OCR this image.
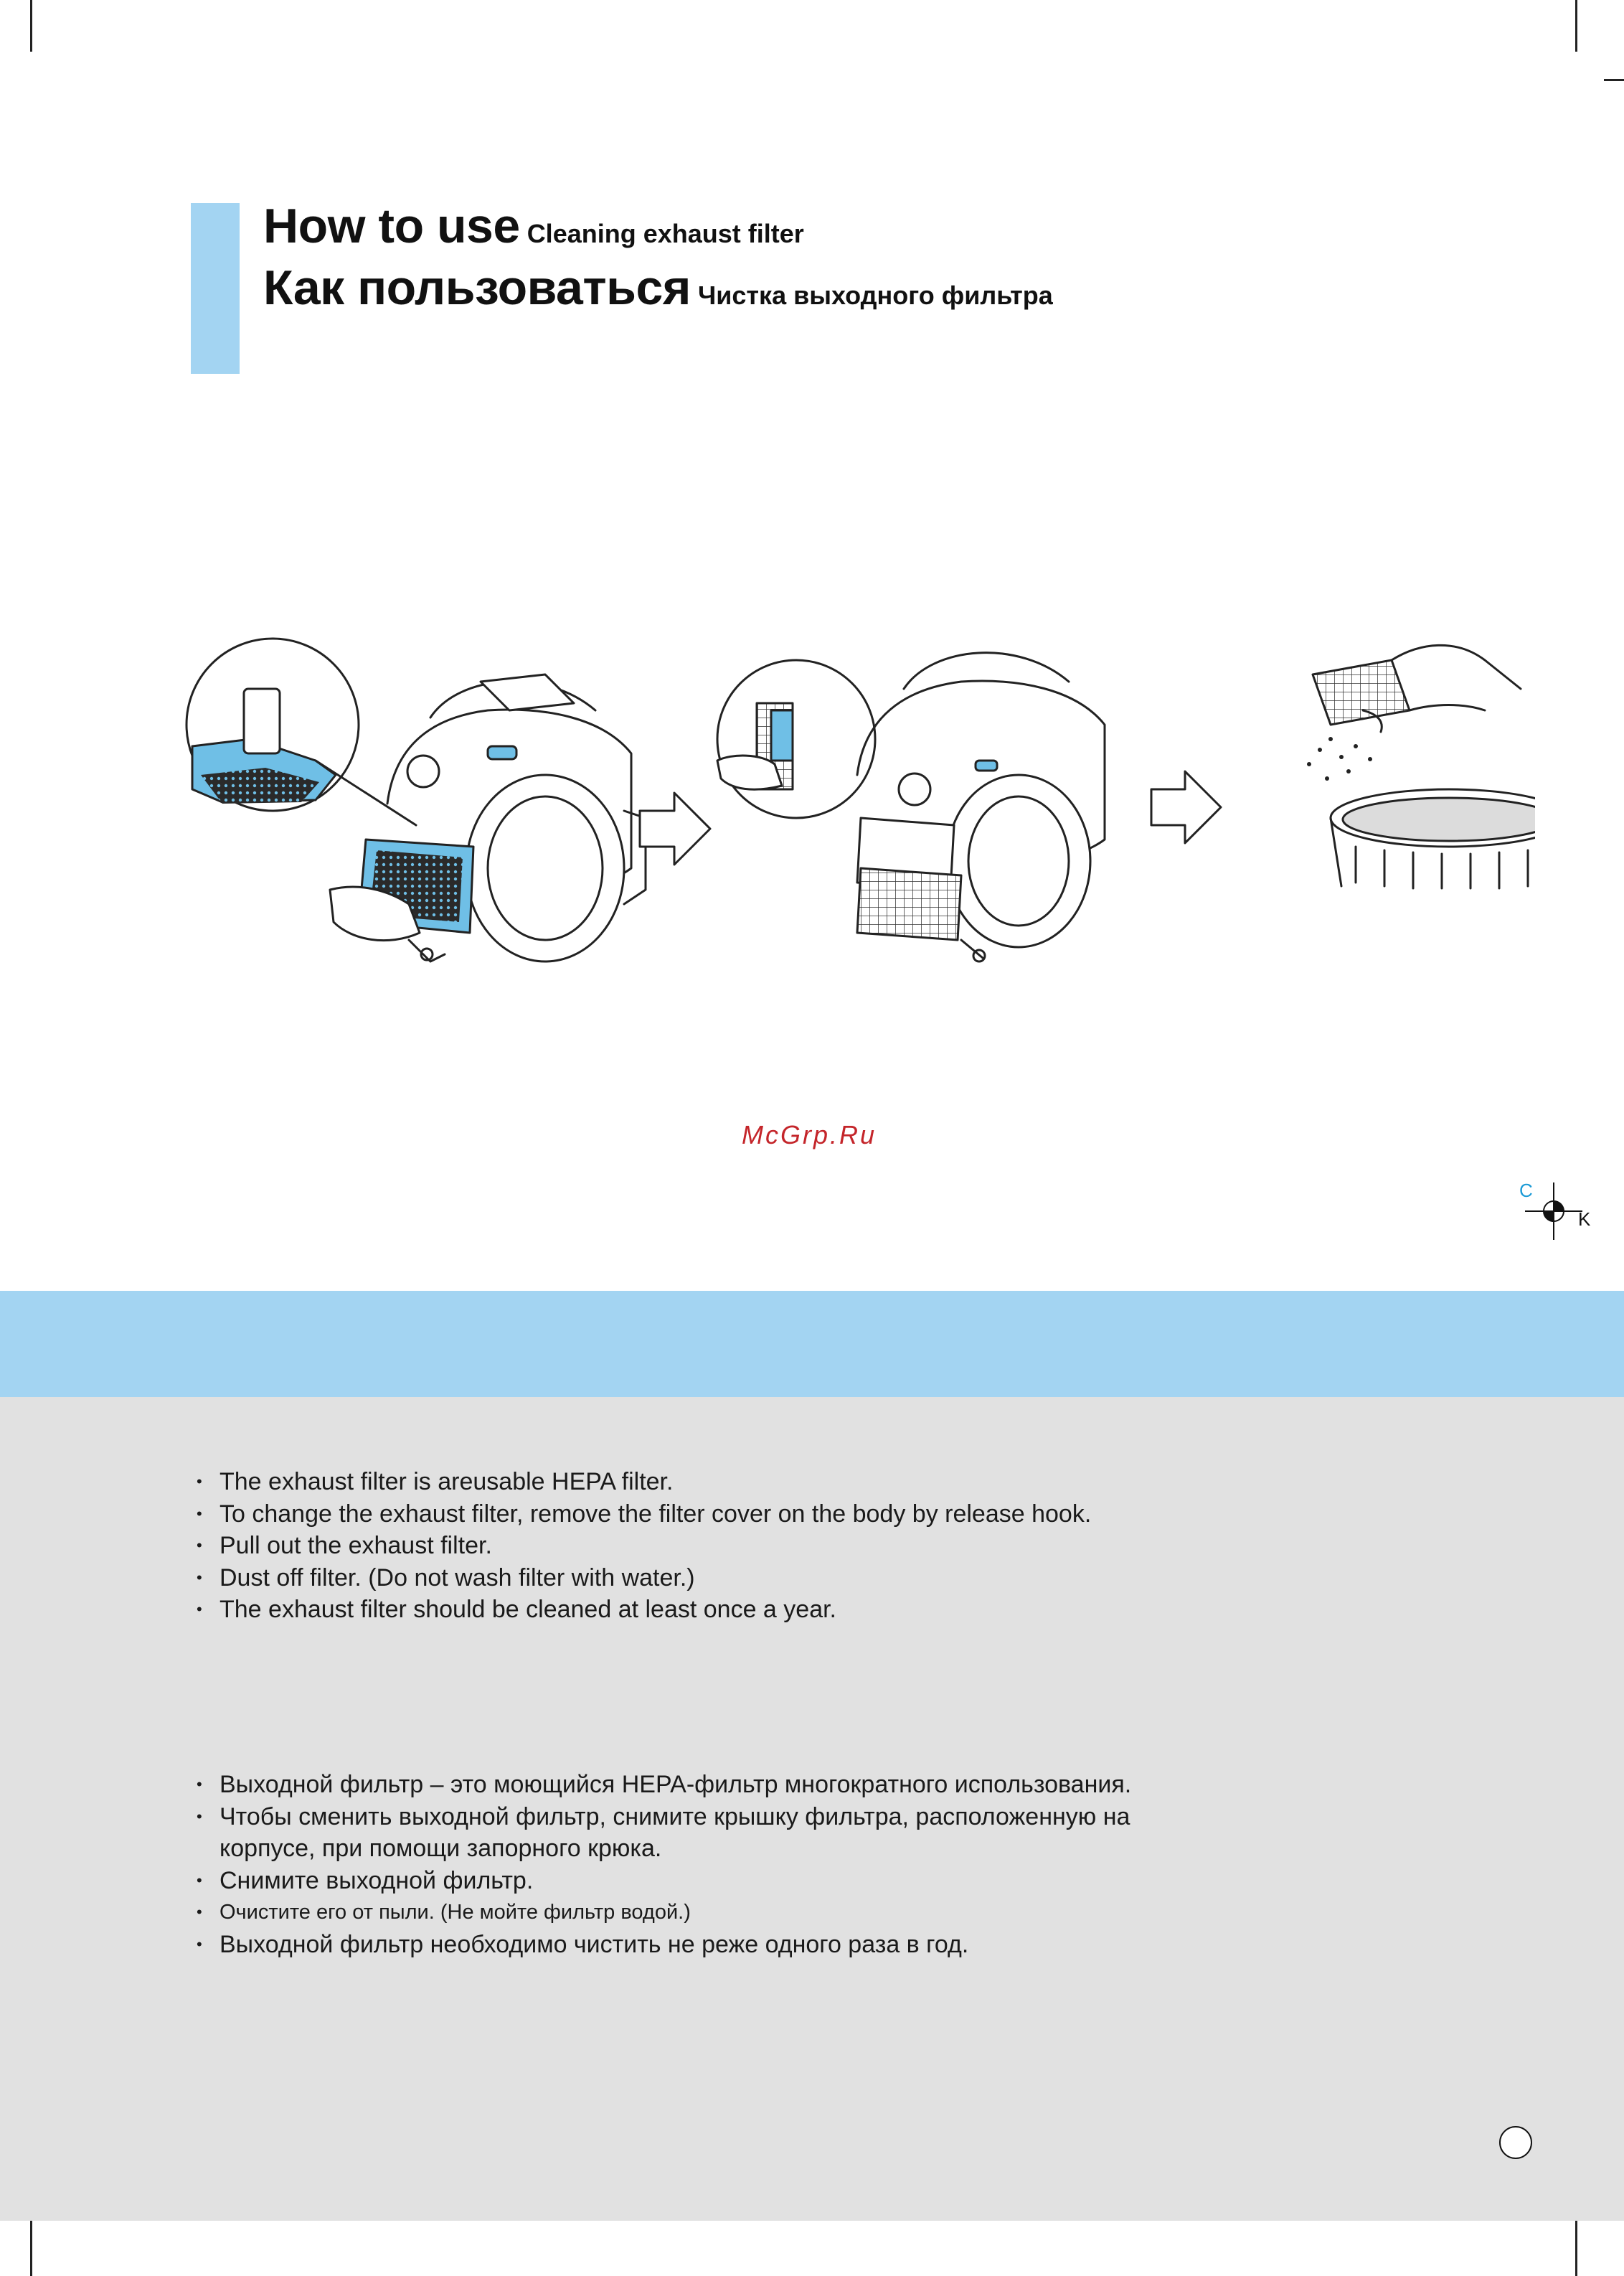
How to use Cleaning exhaust filter
Как пользоваться Чистка выходного фильтра
McGrp.Ru
C
K
• The exhaust filter is areusable HEPA filter.
• To change the exhaust filter, remove the filter cover on the body by release hook.
• Pull out the exhaust filter.
• Dust off filter. (Do not wash filter with water.)
• The exhaust filter should be cleaned at least once a year.
• Выходной фильтр – это моющийся HEPA-фильтр многократного использования.
• Чтобы сменить выходной фильтр, снимите крышку фильтра, расположенную на
корпусе, при помощи запорного крюка.
• Снимите выходной фильтр.
• Очистите его от пыли. (Не мойте фильтр водой.)
• Выходной фильтр необходимо чистить не реже одного раза в год.
